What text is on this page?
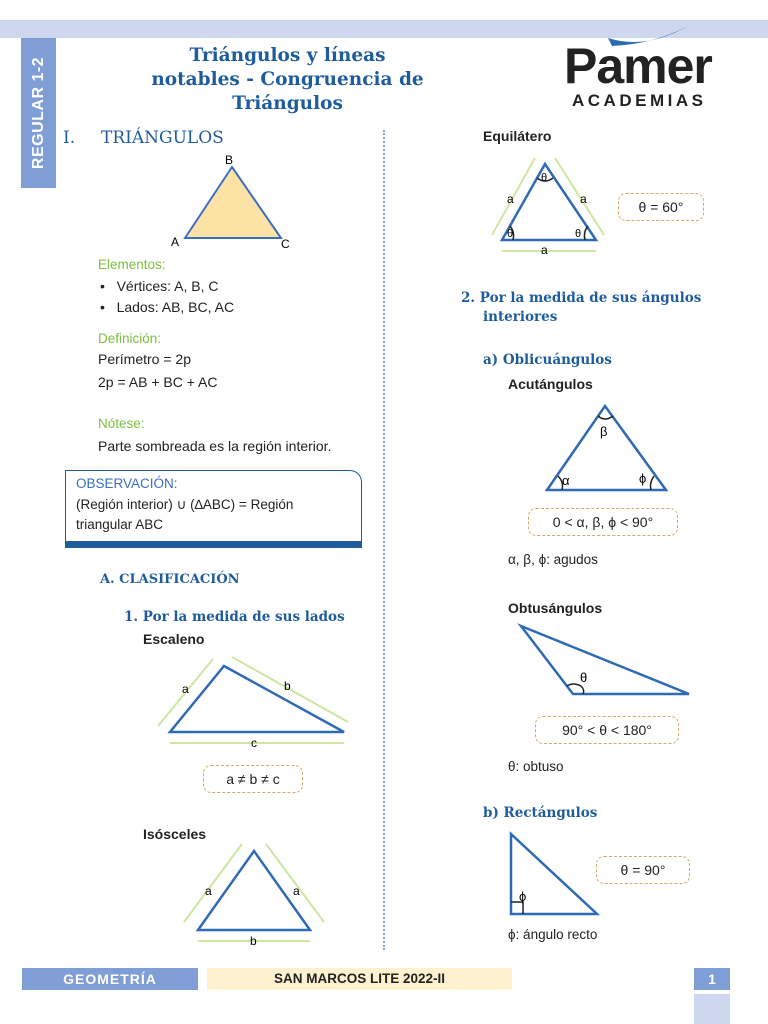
REGULAR 1-2
Triángulos y líneas
notables - Congruencia de
Triángulos
Pamer
ACADEMIAS
I. TRIÁNGULOS
B
A	C
Elementos:
•   Vértices: A, B, C
•   Lados: AB, BC, AC
Definición:
Perímetro = 2p
2p = AB + BC + AC
Nótese:
Parte sombreada es la región interior.
OBSERVACIÓN:
(Región interior) ∪ (∆ABC) = Región
triangular ABC
A. CLASIFICACIÓN
1. Por la medida de sus lados
Escaleno
a	b
c
a ≠ b ≠ c
Isósceles
a	a
b
Equilátero
θ
θ	θ
a	a
a
θ = 60°
2. Por la medida de sus ángulos
interiores
a) Oblicuángulos
Acutángulos
β
α	ϕ
0 < α, β, ϕ < 90°
α, β, ϕ: agudos
Obtusángulos
θ
90° < θ < 180°
θ: obtuso
b) Rectángulos
ϕ
θ = 90°
ϕ: ángulo recto
GEOMETRÍA	SAN MARCOS LITE 2022-II	1
